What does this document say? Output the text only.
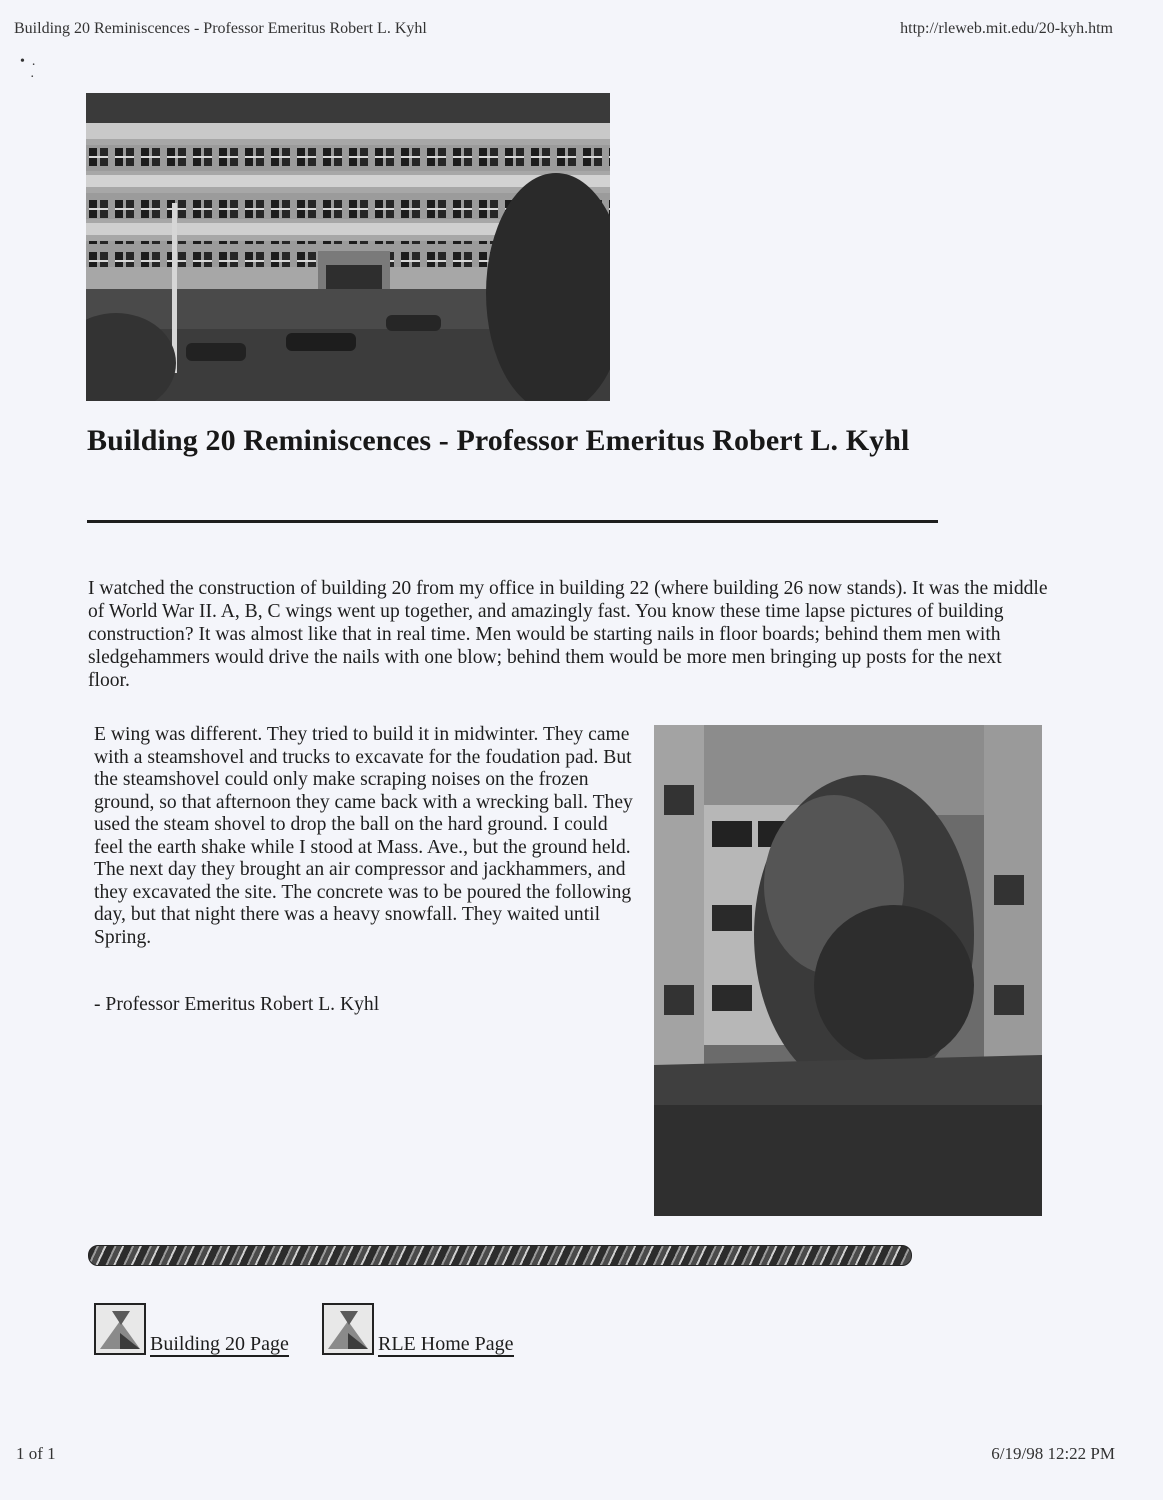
Building 20 Reminiscences - Professor Emeritus Robert L. Kyhl	http://rleweb.mit.edu/20-kyh.htm
•  .
.
Building 20 Reminiscences - Professor Emeritus Robert L. Kyhl

I watched the construction of building 20 from my office in building 22 (where building 26 now stands). It was the middle of World War II. A, B, C wings went up together, and amazingly fast. You know these time lapse pictures of building construction? It was almost like that in real time. Men would be starting nails in floor boards; behind them men with sledgehammers would drive the nails with one blow; behind them would be more men bringing up posts for the next floor.

E wing was different. They tried to build it in midwinter. They came with a steamshovel and trucks to excavate for the foudation pad. But the steamshovel could only make scraping noises on the frozen ground, so that afternoon they came back with a wrecking ball. They used the steam shovel to drop the ball on the hard ground. I could feel the earth shake while I stood at Mass. Ave., but the ground held. The next day they brought an air compressor and jackhammers, and they excavated the site. The concrete was to be poured the following day, but that night there was a heavy snowfall. They waited until Spring.

- Professor Emeritus Robert L. Kyhl

Building 20 Page	RLE Home Page
1 of 1	6/19/98 12:22 PM
